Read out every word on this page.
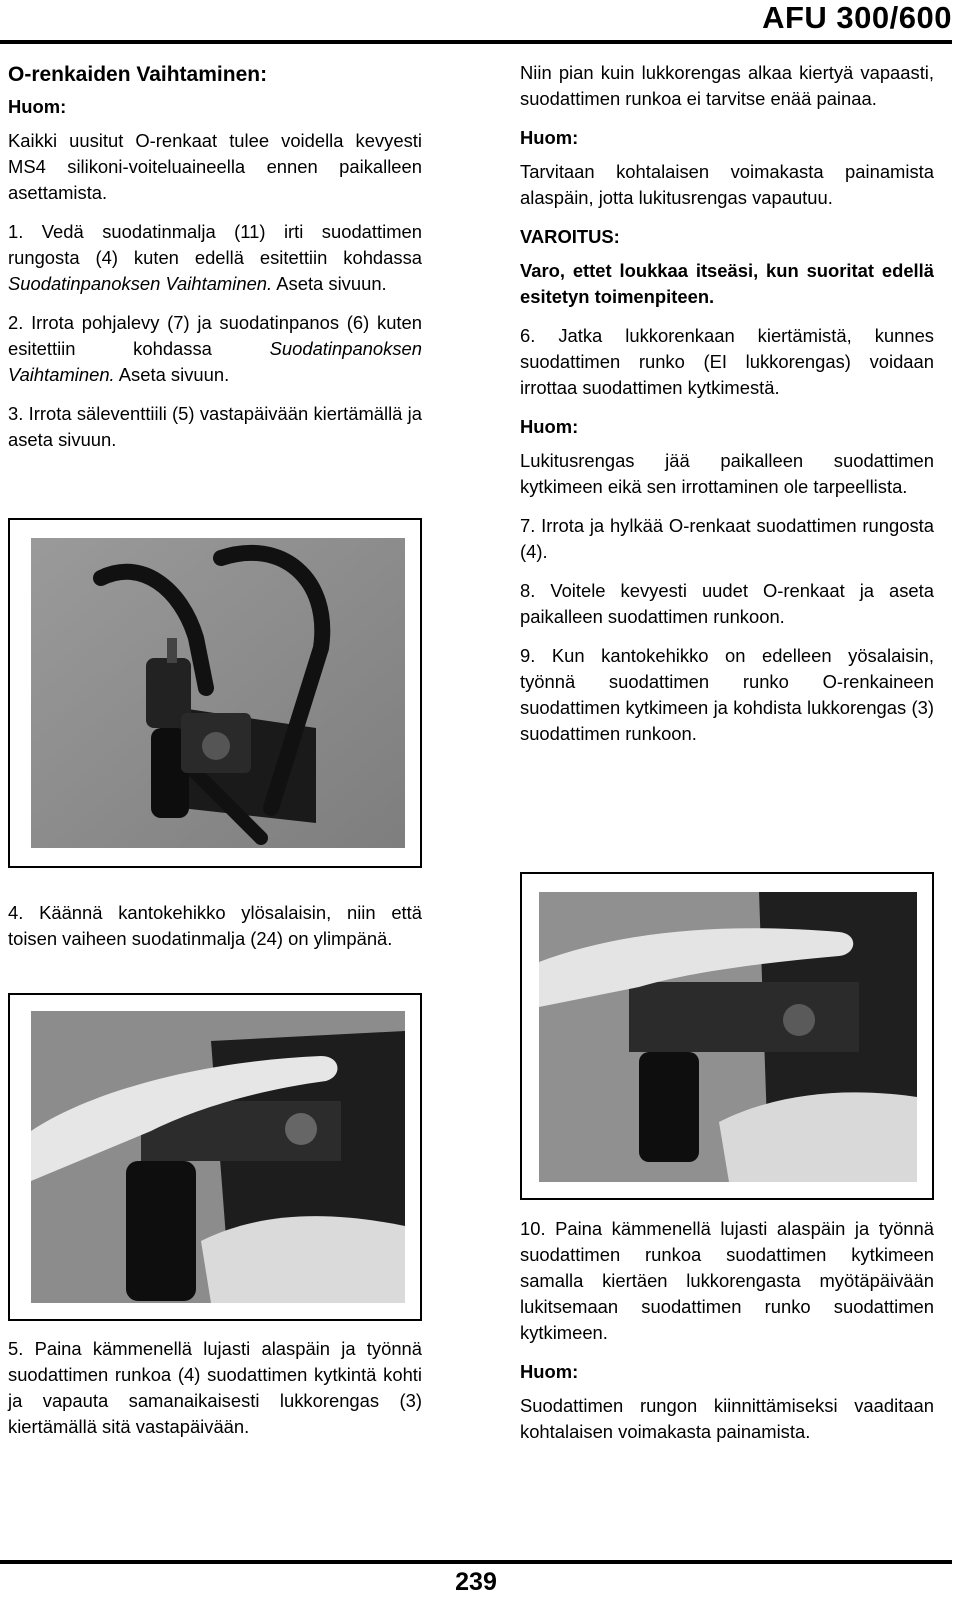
AFU 300/600
O-renkaiden Vaihtaminen:
Huom:

Kaikki uusitut O-renkaat tulee voidella kevyesti MS4 silikoni-voiteluaineella ennen paikalleen asettamista.

1. Vedä suodatinmalja (11) irti suodattimen rungosta (4) kuten edellä esitettiin kohdassa Suodatinpanoksen Vaihtaminen. Aseta sivuun.

2. Irrota pohjalevy (7) ja suodatinpanos (6) kuten esitettiin kohdassa	Suodatinpanoksen Vaihtaminen. Aseta sivuun.

3. Irrota säleventtiili (5) vastapäivään kiertämällä ja aseta sivuun.

4. Käännä kantokehikko ylösalaisin, niin että toisen vaiheen suodatinmalja (24) on ylimpänä.

5. Paina kämmenellä lujasti alaspäin ja työnnä suodattimen runkoa (4) suodattimen kytkintä kohti ja vapauta samanaikaisesti lukkorengas (3) kiertämällä sitä vastapäivään.

Niin pian kuin lukkorengas alkaa kiertyä vapaasti, suodattimen runkoa ei tarvitse enää painaa.

Huom:

Tarvitaan kohtalaisen voimakasta painamista alaspäin, jotta lukitusrengas vapautuu.

VAROITUS:

Varo, ettet loukkaa itseäsi, kun suoritat edellä esitetyn toimenpiteen.

6. Jatka lukkorenkaan kiertämistä, kunnes suodattimen runko (EI lukkorengas) voidaan irrottaa suodattimen kytkimestä.

Huom:

Lukitusrengas jää paikalleen suodattimen kytkimeen eikä sen irrottaminen ole tarpeellista.

7. Irrota ja hylkää O-renkaat suodattimen rungosta (4).

8. Voitele kevyesti uudet O-renkaat ja aseta paikalleen suodattimen runkoon.

9. Kun kantokehikko on edelleen yösalaisin, työnnä suodattimen runko O-renkaineen suodattimen kytkimeen ja kohdista lukkorengas (3) suodattimen runkoon.

10. Paina kämmenellä lujasti alaspäin ja työnnä suodattimen runkoa suodattimen kytkimeen samalla kiertäen lukkorengasta myötäpäivään lukitsemaan suodattimen runko suodattimen kytkimeen.

Huom:

Suodattimen rungon kiinnittämiseksi vaaditaan kohtalaisen voimakasta painamista.

239
